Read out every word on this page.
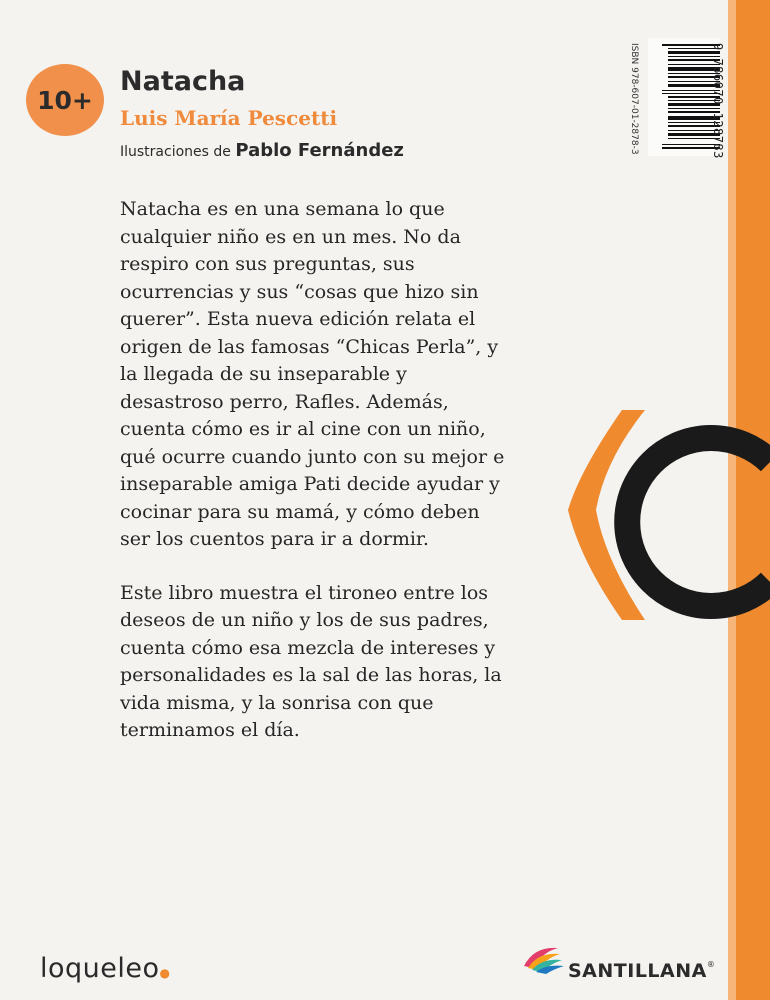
10+
Natacha
Luis María Pescetti
Ilustraciones de Pablo Fernández	ISBN 978-607-01-2878-3	9 786070 128783

Natacha es en una semana lo que cualquier niño es en un mes. No da respiro con sus preguntas, sus ocurrencias y sus “cosas que hizo sin querer”. Esta nueva edición relata el origen de las famosas “Chicas Perla”, y la llegada de su inseparable y desastroso perro, Rafles. Además, cuenta cómo es ir al cine con un niño, qué ocurre cuando junto con su mejor e inseparable amiga Pati decide ayudar y cocinar para su mamá, y cómo deben ser los cuentos para ir a dormir.

Este libro muestra el tironeo entre los deseos de un niño y los de sus padres, cuenta cómo esa mezcla de intereses y personalidades es la sal de las horas, la vida misma, y la sonrisa con que terminamos el día.

loqueleo●	SANTILLANA®
